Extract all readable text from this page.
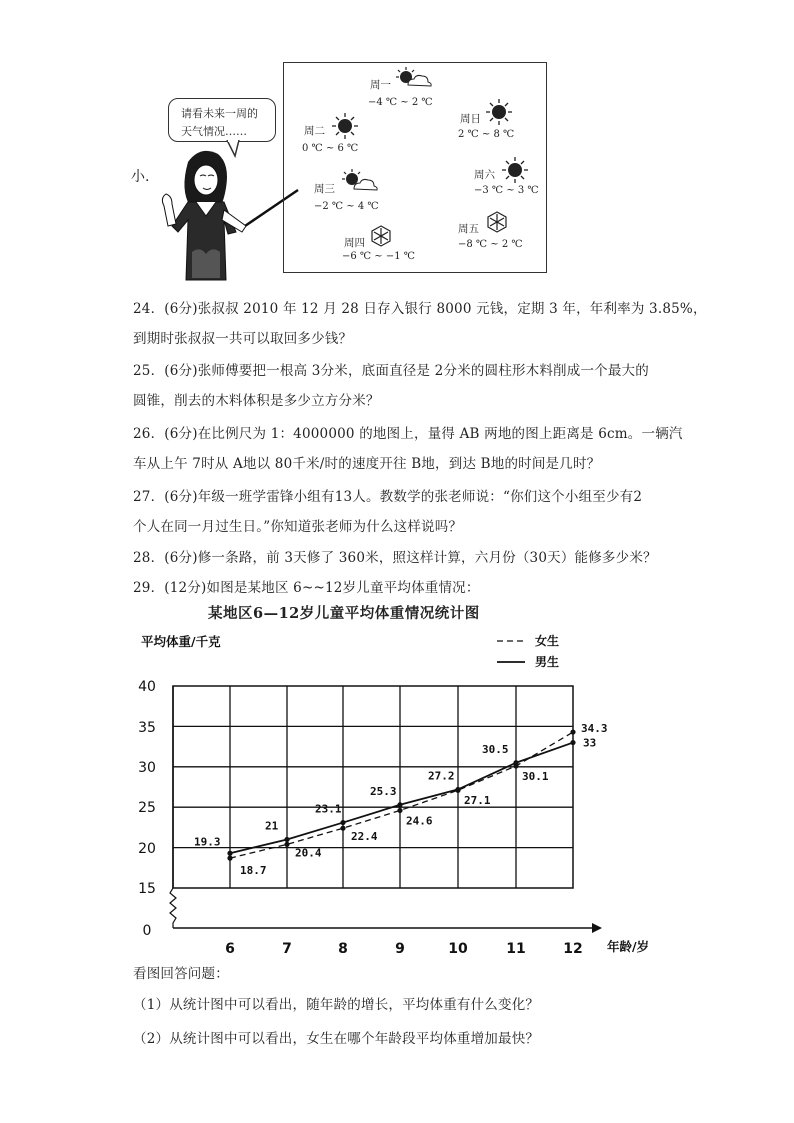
小.
请看未来一周的
天气情况……
周一
−4 ℃ ~ 2 ℃
周二
0 ℃ ~ 6 ℃
周日
2 ℃ ~ 8 ℃
周六
−3 ℃ ~ 3 ℃
周三
−2 ℃ ~ 4 ℃
周五
−8 ℃ ~ 2 ℃
周四
−6 ℃ ~ −1 ℃
24．(6分)张叔叔 2010 年 12 月 28 日存入银行 8000 元钱，定期 3 年，年利率为 3.85%，
到期时张叔叔一共可以取回多少钱？
25．(6分)张师傅要把一根高 3分米，底面直径是 2分米的圆柱形木料削成一个最大的
圆锥，削去的木料体积是多少立方分米？
26．(6分)在比例尺为 1：4000000 的地图上，量得 AB 两地的图上距离是 6cm。一辆汽
车从上午 7时从 A地以 80千米/时的速度开往 B地，到达 B地的时间是几时？
27．(6分)年级一班学雷锋小组有13人。教数学的张老师说：“你们这个小组至少有2
个人在同一月过生日。”你知道张老师为什么这样说吗？
28．(6分)修一条路，前 3天修了 360米，照这样计算，六月份（30天）能修多少米？
29．(12分)如图是某地区 6~~12岁儿童平均体重情况：
某地区6—12岁儿童平均体重情况统计图
0
15
20
25
30
35
40
6	7	8	9	10	11	12
平均体重/千克
年龄/岁
18.7
19.3
20.4
21
22.4
23.1
24.6
25.3
27.1
27.2	30.1
30.5
34.3
33
女生
男生
看图回答问题：
（1）从统计图中可以看出，随年龄的增长，平均体重有什么变化？
（2）从统计图中可以看出，女生在哪个年龄段平均体重增加最快？
